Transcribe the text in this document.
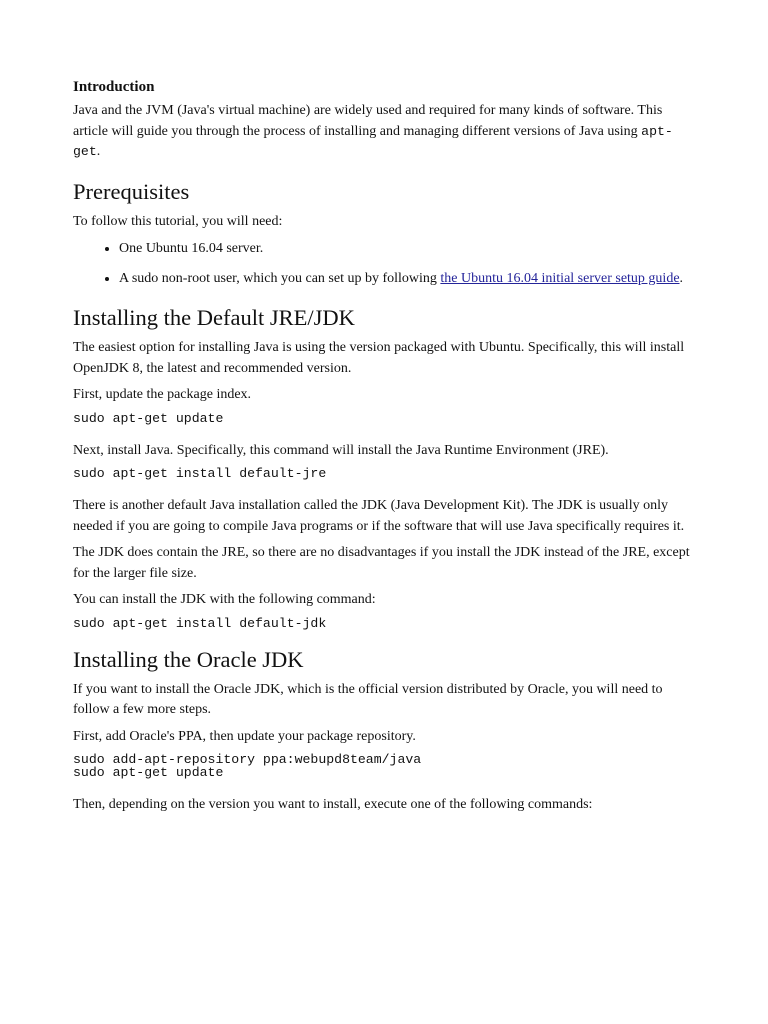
Introduction

Java and the JVM (Java's virtual machine) are widely used and required for many kinds of software. This article will guide you through the process of installing and managing different versions of Java using apt-get.

Prerequisites

To follow this tutorial, you will need:

• One Ubuntu 16.04 server.
• A sudo non-root user, which you can set up by following the Ubuntu 16.04 initial server setup guide.
Installing the Default JRE/JDK

The easiest option for installing Java is using the version packaged with Ubuntu. Specifically, this will install OpenJDK 8, the latest and recommended version.

First, update the package index.

sudo apt-get update

Next, install Java. Specifically, this command will install the Java Runtime Environment (JRE).

sudo apt-get install default-jre

There is another default Java installation called the JDK (Java Development Kit). The JDK is usually only needed if you are going to compile Java programs or if the software that will use Java specifically requires it.

The JDK does contain the JRE, so there are no disadvantages if you install the JDK instead of the JRE, except for the larger file size.

You can install the JDK with the following command:

sudo apt-get install default-jdk
Installing the Oracle JDK

If you want to install the Oracle JDK, which is the official version distributed by Oracle, you will need to follow a few more steps.

First, add Oracle's PPA, then update your package repository.

sudo add-apt-repository ppa:webupd8team/java
sudo apt-get update

Then, depending on the version you want to install, execute one of the following commands:
